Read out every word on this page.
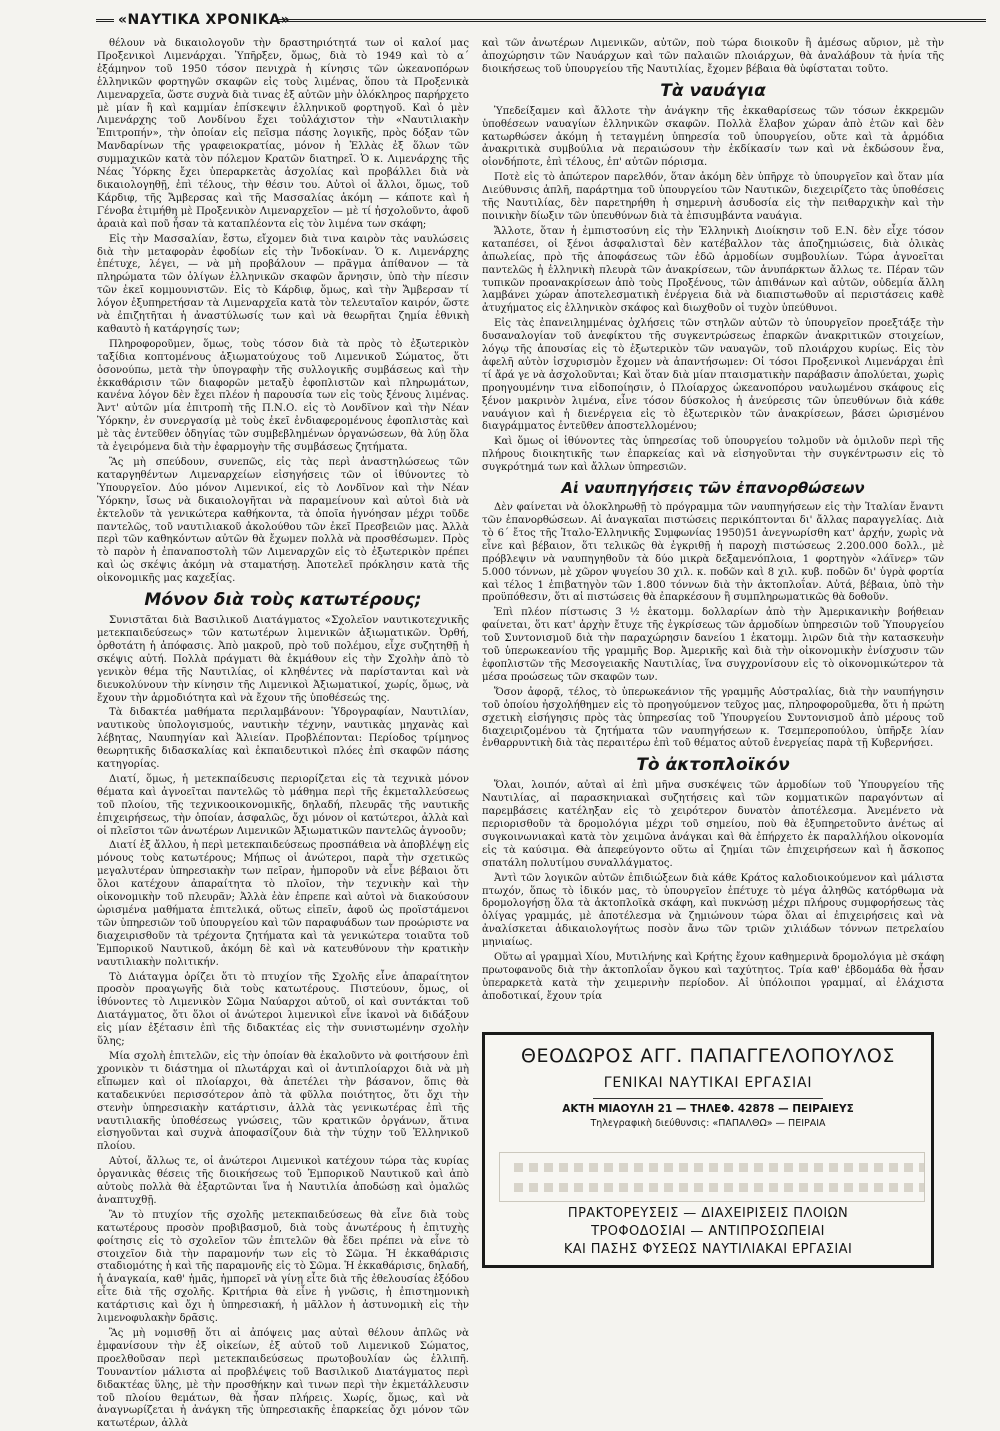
«ΝΑΥΤΙΚΑ ΧΡΟΝΙΚΑ»

θέλουν νὰ δικαιολογοῦν τὴν δραστηριότητά των οἱ καλοί μας Προξενικοὶ Λιμενάρχαι. Ὑπῆρξεν, ὅμως, διὰ τὸ 1949 καὶ τὸ α΄ ἑξάμηνον τοῦ 1950 τόσον πενιχρὰ ἡ κίνησις τῶν ὠκεανοπόρων ἑλληνικῶν φορτηγῶν σκαφῶν εἰς τοὺς λιμένας, ὅπου τὰ Προξενικὰ Λιμεναρχεῖα, ὥστε συχνὰ διὰ τινας ἐξ αὐτῶν μὴν ὁλόκληρος παρήρχετο μὲ μίαν ἢ καὶ καμμίαν ἐπίσκεψιν ἑλληνικοῦ φορτηγοῦ. Καὶ ὁ μὲν Λιμενάρχης τοῦ Λονδίνου ἔχει τοὐλάχιστον τὴν «Ναυτιλιακὴν Ἐπιτροπήν», τὴν ὁποίαν εἰς πεῖσμα πάσης λογικῆς, πρὸς δόξαν τῶν Μανδαρίνων τῆς γραφειοκρατίας, μόνον ἡ Ἑλλὰς ἐξ ὅλων τῶν συμμαχικῶν κατὰ τὸν πόλεμον Κρατῶν διατηρεῖ. Ὁ κ. Λιμενάρχης τῆς Νέας Ὑόρκης ἔχει ὑπεραρκετὰς ἀσχολίας καὶ προβάλλει διὰ νὰ δικαιολογηθῇ, ἐπὶ τέλους, τὴν θέσιν του. Αὐτοὶ οἱ ἄλλοι, ὅμως, τοῦ Κάρδιφ, τῆς Ἄμβερσας καὶ τῆς Μασσαλίας ἀκόμη — κάποτε καὶ ἡ Γένοβα ἐτιμήθη μὲ Προξενικὸν Λιμεναρχεῖον — μὲ τί ἠσχολοῦντο, ἀφοῦ ἀραιὰ καὶ ποῦ ἦσαν τὰ καταπλέοντα εἰς τὸν λιμένα των σκάφη;

Εἰς τὴν Μασσαλίαν, ἔστω, εἴχομεν διὰ τινα καιρὸν τὰς ναυλώσεις διὰ τὴν μεταφορὰν ἐφοδίων εἰς τὴν Ἰνδοκίναν. Ὁ κ. Λιμενάρχης ἐπέτυχε, λέγει, — νὰ μὴ προβάλουν — πρᾶγμα ἀπίθανον — τὰ πληρώματα τῶν ὀλίγων ἑλληνικῶν σκαφῶν ἄρνησιν, ὑπὸ τὴν πίεσιν τῶν ἐκεῖ κομμουνιστῶν. Εἰς τὸ Κάρδιφ, ὅμως, καὶ τὴν Ἄμβερσαν τί λόγον ἐξυπηρετήσαν τὰ Λιμεναρχεῖα κατὰ τὸν τελευταῖον καιρόν, ὥστε νὰ ἐπιζητῆται ἡ ἀναστύλωσίς των καὶ νὰ θεωρῆται ζημία ἐθνικὴ καθαυτὸ ἡ κατάργησίς των;

Πληροφοροῦμεν, ὅμως, τοὺς τόσον διὰ τὰ πρὸς τὸ ἐξωτερικὸν ταξίδια κοπτομένους ἀξιωματούχους τοῦ Λιμενικοῦ Σώματος, ὅτι ὁσονούπω, μετὰ τὴν ὑπογραφὴν τῆς συλλογικῆς συμβάσεως καὶ τὴν ἐκκαθάρισιν τῶν διαφορῶν μεταξὺ ἐφοπλιστῶν καὶ πληρωμάτων, κανένα λόγον δὲν ἔχει πλέον ἡ παρουσία των εἰς τοὺς ξένους λιμένας. Ἀντ' αὐτῶν μία ἐπιτροπὴ τῆς Π.Ν.Ο. εἰς τὸ Λονδῖνον καὶ τὴν Νέαν Ὑόρκην, ἐν συνεργασίᾳ μὲ τοὺς ἐκεῖ ἐνδιαφερομένους ἐφοπλιστὰς καὶ μὲ τὰς ἐντεῦθεν ὁδηγίας τῶν συμβεβλημένων ὀργανώσεων, θὰ λύῃ ὅλα τὰ ἐγειρόμενα διὰ τὴν ἐφαρμογὴν τῆς συμβάσεως ζητήματα.

Ἂς μὴ σπεύδουν, συνεπῶς, εἰς τὰς περὶ ἀναστηλώσεως τῶν καταργηθέντων Λιμεναρχείων εἰσηγήσεις τῶν οἱ ἰθύνοντες τὸ Ὑπουργεῖον. Δύο μόνον Λιμενικοί, εἰς τὸ Λονδῖνον καὶ τὴν Νέαν Ὑόρκην, ἴσως νὰ δικαιολογῆται νὰ παραμείνουν καὶ αὐτοὶ διὰ νὰ ἐκτελοῦν τὰ γενικώτερα καθήκοντα, τὰ ὁποῖα ἠγνόησαν μέχρι τοῦδε παντελῶς, τοῦ ναυτιλιακοῦ ἀκολούθου τῶν ἐκεῖ Πρεσβειῶν μας. Ἀλλὰ περὶ τῶν καθηκόντων αὐτῶν θὰ ἔχωμεν πολλὰ νὰ προσθέσωμεν. Πρὸς τὸ παρὸν ἡ ἐπαναποστολὴ τῶν Λιμεναρχῶν εἰς τὸ ἐξωτερικὸν πρέπει καὶ ὡς σκέψις ἀκόμη νὰ σταματήσῃ. Ἀποτελεῖ πρόκλησιν κατὰ τῆς οἰκονομικῆς μας καχεξίας.

Μόνον διὰ τοὺς κατωτέρους;

Συνιστᾶται διὰ Βασιλικοῦ Διατάγματος «Σχολεῖον ναυτικοτεχνικῆς μετεκπαιδεύσεως» τῶν κατωτέρων λιμενικῶν ἀξιωματικῶν. Ὀρθή, ὀρθοτάτη ἡ ἀπόφασις. Ἀπὸ μακροῦ, πρὸ τοῦ πολέμου, εἶχε συζητηθῇ ἡ σκέψις αὐτή. Πολλὰ πράγματι θὰ ἐκμάθουν εἰς τὴν Σχολὴν ἀπὸ τὸ γενικὸν θέμα τῆς Ναυτιλίας, οἱ κληθέντες νὰ παρίστανται καὶ νὰ διευκολύνουν τὴν κίνησιν τῆς Λιμενικοὶ Ἀξιωματικοί, χωρίς, ὅμως, νὰ ἔχουν τὴν ἁρμοδιότητα καὶ νὰ ἔχουν τῆς ὑποθέσεώς της.

Τὰ διδακτέα μαθήματα περιλαμβάνουν: Ὑδρογραφίαν, Ναυτιλίαν, ναυτικοὺς ὑπολογισμούς, ναυτικὴν τέχνην, ναυτικὰς μηχανὰς καὶ λέβητας, Ναυπηγίαν καὶ Ἁλιείαν. Προβλέπονται: Περίοδος τρίμηνος θεωρητικῆς διδασκαλίας καὶ ἐκπαιδευτικοὶ πλόες ἐπὶ σκαφῶν πάσης κατηγορίας.

Διατί, ὅμως, ἡ μετεκπαίδευσις περιορίζεται εἰς τὰ τεχνικὰ μόνον θέματα καὶ ἀγνοεῖται παντελῶς τὸ μάθημα περὶ τῆς ἐκμεταλλεύσεως τοῦ πλοίου, τῆς τεχνικοοικονομικῆς, δηλαδή, πλευρᾶς τῆς ναυτικῆς ἐπιχειρήσεως, τὴν ὁποίαν, ἀσφαλῶς, ὄχι μόνον οἱ κατώτεροι, ἀλλὰ καὶ οἱ πλεῖστοι τῶν ἀνωτέρων Λιμενικῶν Ἀξιωματικῶν παντελῶς ἀγνοοῦν;

Διατί ἐξ ἄλλου, ἡ περὶ μετεκπαιδεύσεως προσπάθεια νὰ ἀποβλέψῃ εἰς μόνους τοὺς κατωτέρους; Μήπως οἱ ἀνώτεροι, παρὰ τὴν σχετικῶς μεγαλυτέραν ὑπηρεσιακὴν των πεῖραν, ἠμποροῦν νὰ εἶνε βέβαιοι ὅτι ὅλοι κατέχουν ἀπαραίτητα τὸ πλοῖον, τὴν τεχνικὴν καὶ τὴν οἰκονομικὴν τοῦ πλευρᾶν; Ἀλλὰ ἐὰν ἐπρεπε καὶ αὐτοὶ νὰ διακούσουν ὡρισμένα μαθήματα ἐπιτελικά, οὕτως εἰπεῖν, ἀφοῦ ὡς προϊστάμενοι τῶν ὑπηρεσιῶν τοῦ ὑπουργείου καὶ τῶν παραφυάδων των προώριστε να διαχειρισθοῦν τὰ τρέχοντα ζητήματα καὶ τὰ γενικώτερα τοιαῦτα τοῦ Ἐμπορικοῦ Ναυτικοῦ, ἀκόμη δὲ καὶ νὰ κατευθύνουν τὴν κρατικὴν ναυτιλιακὴν πολιτικήν.

Τὸ Διάταγμα ὁρίζει ὅτι τὸ πτυχίον τῆς Σχολῆς εἶνε ἀπαραίτητον προσὸν προαγωγῆς διὰ τοὺς κατωτέρους. Πιστεύουν, ὅμως, οἱ ἰθύνοντες τὸ Λιμενικὸν Σῶμα Ναύαρχοι αὐτοῦ, οἱ καὶ συντάκται τοῦ Διατάγματος, ὅτι ὅλοι οἱ ἀνώτεροι λιμενικοὶ εἶνε ἱκανοὶ νὰ διδάξουν εἰς μίαν ἐξέτασιν ἐπὶ τῆς διδακτέας εἰς τὴν συνιστωμένην σχολὴν ὕλης;

Μία σχολὴ ἐπιτελῶν, εἰς τὴν ὁποίαν θὰ ἐκαλοῦντο νὰ φοιτήσουν ἐπὶ χρονικὸν τι διάστημα οἱ πλωτάρχαι καὶ οἱ ἀντιπλοίαρχοι διὰ νὰ μὴ εἴπωμεν καὶ οἱ πλοίαρχοι, θὰ ἀπετέλει τὴν βάσανον, ὅπις θὰ καταδεικνύει περισσότερον ἀπὸ τὰ φῦλλα ποιότητος, ὅτι ὄχι τὴν στενὴν ὑπηρεσιακὴν κατάρτισιν, ἀλλὰ τὰς γενικωτέρας ἐπὶ τῆς ναυτιλιακῆς ὑποθέσεως γνώσεις, τῶν κρατικῶν ὀργάνων, ἅτινα εἰσηγοῦνται καὶ συχνὰ ἀποφασίζουν διὰ τὴν τύχην τοῦ Ἑλληνικοῦ πλοίου.

Αὐτοί, ἄλλως τε, οἱ ἀνώτεροι Λιμενικοὶ κατέχουν τώρα τὰς κυρίας ὀργανικὰς θέσεις τῆς διοικήσεως τοῦ Ἐμπορικοῦ Ναυτικοῦ καὶ ἀπὸ αὐτοὺς πολλὰ θὰ ἐξαρτῶνται ἵνα ἡ Ναυτιλία ἀποδώσῃ καὶ ὁμαλῶς ἀναπτυχθῇ.

Ἂν τὸ πτυχίον τῆς σχολῆς μετεκπαιδεύσεως θὰ εἶνε διὰ τοὺς κατωτέρους προσὸν προβιβασμοῦ, διὰ τοὺς ἀνωτέρους ἡ ἐπιτυχὴς φοίτησις εἰς τὸ σχολεῖον τῶν ἐπιτελῶν θὰ ἔδει πρέπει νὰ εἶνε τὸ στοιχεῖον διὰ τὴν παραμονήν των εἰς τὸ Σῶμα. Ἡ ἐκκαθάρισις σταδιομότης ἡ καὶ τῆς παραμονῆς εἰς τὸ Σῶμα. Ἡ ἐκκαθάρισις, δηλαδή, ἡ ἀναγκαία, καθ' ἡμᾶς, ἠμπορεῖ νὰ γίνῃ εἶτε διὰ τῆς ἐθελουσίας ἐξόδου εἶτε διὰ τῆς σχολῆς. Κριτήρια θὰ εἶνε ἡ γνῶσις, ἡ ἐπιστημονικὴ κατάρτισις καὶ ὄχι ἡ ὑπηρεσιακή, ἡ μᾶλλον ἡ ἀστυνομικὴ εἰς τὴν λιμενοφυλακὴν δρᾶσις.

Ἂς μὴ νομισθῇ ὅτι αἱ ἀπόψεις μας αὐταὶ θέλουν ἁπλῶς νὰ ἐμφανίσουν τὴν ἐξ οἰκείων, ἐξ αὐτοῦ τοῦ Λιμενικοῦ Σώματος, προελθοῦσαν περὶ μετεκπαιδεύσεως πρωτοβουλίαν ὡς ἐλλιπῆ. Τουναντίον μάλιστα αἱ προβλέψεις τοῦ Βασιλικοῦ Διατάγματος περὶ διδακτέας ὕλης, μὲ τὴν προσθήκην καὶ τινων περὶ τὴν ἐκμετάλλευσιν τοῦ πλοίου θεμάτων, θὰ ἦσαν πλήρεις. Χωρίς, ὅμως, καὶ νὰ ἀναγνωρίζεται ἡ ἀνάγκη τῆς ὑπηρεσιακῆς ἐπαρκείας ὄχι μόνον τῶν κατωτέρων, ἀλλὰ

καὶ τῶν ἀνωτέρων Λιμενικῶν, αὐτῶν, ποὺ τώρα διοικοῦν ἢ ἀμέσως αὔριον, μὲ τὴν ἀποχώρησιν τῶν Ναυάρχων καὶ τῶν παλαιῶν πλοιάρχων, θὰ ἀναλάβουν τὰ ἡνία τῆς διοικήσεως τοῦ ὑπουργείου τῆς Ναυτιλίας, ἔχομεν βέβαια θὰ ὑφίσταται τοῦτο.

Τὰ ναυάγια

Ὑπεδείξαμεν καὶ ἄλλοτε τὴν ἀνάγκην τῆς ἐκκαθαρίσεως τῶν τόσων ἐκκρεμῶν ὑποθέσεων ναυαγίων ἑλληνικῶν σκαφῶν. Πολλὰ ἔλαβον χώραν ἀπὸ ἐτῶν καὶ δὲν κατωρθώσεν ἀκόμη ἡ τεταγμένη ὑπηρεσία τοῦ ὑπουργείου, οὔτε καὶ τὰ ἁρμόδια ἀνακριτικὰ συμβούλια νὰ περαιώσουν τὴν ἐκδίκασίν των καὶ νὰ ἐκδώσουν ἕνα, οἱονδήποτε, ἐπὶ τέλους, ἐπ' αὐτῶν πόρισμα.

Ποτὲ εἰς τὸ ἀπώτερον παρελθόν, ὅταν ἀκόμη δὲν ὑπῆρχε τὸ ὑπουργεῖον καὶ ὅταν μία Διεύθυνσις ἁπλῆ, παράρτημα τοῦ ὑπουργείου τῶν Ναυτικῶν, διεχειρίζετο τὰς ὑποθέσεις τῆς Ναυτιλίας, δὲν παρετηρήθη ἡ σημερινὴ ἀσυδοσία εἰς τὴν πειθαρχικὴν καὶ τὴν ποινικὴν δίωξιν τῶν ὑπευθύνων διὰ τὰ ἐπισυμβάντα ναυάγια.

Ἄλλοτε, ὅταν ἡ ἐμπιστοσύνη εἰς τὴν Ἑλληνικὴ Διοίκησιν τοῦ Ε.Ν. δὲν εἶχε τόσον καταπέσει, οἱ ξένοι ἀσφαλισταὶ δὲν κατέβαλλον τὰς ἀποζημιώσεις, διὰ ὁλικὰς ἀπωλείας, πρὸ τῆς ἀποφάσεως τῶν ἐδῶ ἁρμοδίων συμβουλίων. Τώρα ἀγνοεῖται παντελῶς ἡ ἑλληνικὴ πλευρὰ τῶν ἀνακρίσεων, τῶν ἀνυπάρκτων ἄλλως τε. Πέραν τῶν τυπικῶν προανακρίσεων ἀπὸ τοὺς Προξένους, τῶν ἀπιθάνων καὶ αὐτῶν, οὐδεμία ἄλλη λαμβάνει χώραν ἀποτελεσματικὴ ἐνέργεια διὰ νὰ διαπιστωθοῦν αἱ περιστάσεις καθὲ ἀτυχήματος εἰς ἑλληνικὸν σκάφος καὶ διωχθοῦν οἱ τυχὸν ὑπεύθυνοι.

Εἰς τὰς ἐπανειλημμένας ὀχλήσεις τῶν στηλῶν αὐτῶν τὸ ὑπουργεῖον προεξτάξε τὴν δυσαναλογίαν τοῦ ἀνεφίκτου τῆς συγκεντρώσεως ἐπαρκῶν ἀνακριτικῶν στοιχείων, λόγῳ τῆς ἀπουσίας εἰς τὸ ἐξωτερικὸν τῶν ναυαγῶν, τοῦ πλοιάρχου κυρίως. Εἰς τὸν ἀφελῆ αὐτὸν ἰσχυρισμὸν ἔχομεν νὰ ἀπαντήσωμεν: Οἱ τόσοι Προξενικοὶ Λιμενάρχαι ἐπὶ τί ἄρά γε νὰ ἀσχολοῦνται; Καὶ ὅταν διὰ μίαν πταισματικὴν παράβασιν ἀπολύεται, χωρὶς προηγουμένην τινα εἰδοποίησιν, ὁ Πλοίαρχος ὠκεανοπόρου ναυλωμένου σκάφους εἰς ξένον μακρινὸν λιμένα, εἶνε τόσον δύσκολος ἡ ἀνεύρεσις τῶν ὑπευθύνων διὰ κάθε ναυάγιον καὶ ἡ διενέργεια εἰς τὸ ἐξωτερικὸν τῶν ἀνακρίσεων, βάσει ὡρισμένου διαγράμματος ἐντεῦθεν ἀποστελλομένου;

Καὶ ὅμως οἱ ἰθύνοντες τὰς ὑπηρεσίας τοῦ ὑπουργείου τολμοῦν νὰ ὁμιλοῦν περὶ τῆς πλήρους διοικητικῆς των ἐπαρκείας καὶ νὰ εἰσηγοῦνται τὴν συγκέντρωσιν εἰς τὸ συγκρότημά των καὶ ἄλλων ὑπηρεσιῶν.

Αἱ ναυπηγήσεις τῶν ἐπανορθώσεων

Δὲν φαίνεται νὰ ὁλοκληρωθῇ τὸ πρόγραμμα τῶν ναυπηγήσεων εἰς τὴν Ἰταλίαν ἔναντι τῶν ἐπανορθώσεων. Αἱ ἀναγκαῖαι πιστώσεις περικόπτονται δι' ἄλλας παραγγελίας. Διὰ τὸ 6΄ ἔτος τῆς Ἰταλο-Ἑλληνικῆς Συμφωνίας 1950)51 ἀνεγνωρίσθη κατ' ἀρχήν, χωρὶς νὰ εἶνε καὶ βέβαιον, ὅτι τελικῶς θὰ ἐγκριθῇ ἡ παροχὴ πιστώσεως 2.200.000 δολλ., μὲ πρόβλεψιν νὰ ναυπηγηθοῦν τὰ δύο μικρὰ δεξαμενόπλοια, 1 φορτηγὸν «λάϊνερ» τῶν 5.000 τόννων, μὲ χῶρον ψυγείου 30 χιλ. κ. ποδῶν καὶ 8 χιλ. κυβ. ποδῶν δι' ὑγρὰ φορτία καὶ τέλος 1 ἐπιβατηγὸν τῶν 1.800 τόννων διὰ τὴν ἀκτοπλοΐαν. Αὐτά, βέβαια, ὑπὸ τὴν προϋπόθεσιν, ὅτι αἱ πιστώσεις θὰ ἐπαρκέσουν ἢ συμπληρωματικῶς θὰ δοθοῦν.

Ἐπὶ πλέον πίστωσις 3 ½ ἑκατομμ. δολλαρίων ἀπὸ τὴν Ἀμερικανικὴν βοήθειαν φαίνεται, ὅτι κατ' ἀρχὴν ἔτυχε τῆς ἐγκρίσεως τῶν ἁρμοδίων ὑπηρεσιῶν τοῦ Ὑπουργείου τοῦ Συντονισμοῦ διὰ τὴν παραχώρησιν δανείου 1 ἑκατομμ. λιρῶν διὰ τὴν κατασκευὴν τοῦ ὑπερωκεανίου τῆς γραμμῆς Βορ. Ἀμερικῆς καὶ διὰ τὴν οἰκονομικὴν ἐνίσχυσιν τῶν ἐφοπλιστῶν τῆς Μεσογειακῆς Ναυτιλίας, ἵνα συγχρονίσουν εἰς τὸ οἰκονομικώτερον τὰ μέσα προώσεως τῶν σκαφῶν των.

Ὅσον ἀφορᾷ, τέλος, τὸ ὑπερωκεάνιον τῆς γραμμῆς Αὐστραλίας, διὰ τὴν ναυπήγησιν τοῦ ὁποίου ἠσχολήθημεν εἰς τὸ προηγούμενον τεῦχος μας, πληροφοροῦμεθα, ὅτι ἡ πρώτη σχετικὴ εἰσήγησις πρὸς τὰς ὑπηρεσίας τοῦ Ὑπουργείου Συντονισμοῦ ἀπὸ μέρους τοῦ διαχειριζομένου τὰ ζητήματα τῶν ναυπηγήσεων κ. Τσεμπεροπούλου, ὑπῆρξε λίαν ἐνθαρρυντικὴ διὰ τὰς περαιτέρω ἐπὶ τοῦ θέματος αὐτοῦ ἐνεργείας παρὰ τῇ Κυβερνήσει.

Τὸ ἀκτοπλοϊκόν

Ὅλαι, λοιπόν, αὐταὶ αἱ ἐπὶ μῆνα συσκέψεις τῶν ἁρμοδίων τοῦ Ὑπουργείου τῆς Ναυτιλίας, αἱ παρασκηνιακαὶ συζητήσεις καὶ τῶν κομματικῶν παραγόντων αἱ παρεμβάσεις κατέληξαν εἰς τὸ χειρότερον δυνατὸν ἀποτέλεσμα. Ἀνεμένετο νὰ περιορισθοῦν τὰ δρομολόγια μέχρι τοῦ σημείου, ποὺ θὰ ἐξυπηρετοῦντο ἀνέτως αἱ συγκοινωνιακαὶ κατὰ τὸν χειμῶνα ἀνάγκαι καὶ θὰ ἐπήρχετο ἐκ παραλλήλου οἰκονομία εἰς τὰ καύσιμα. Θὰ ἀπεφεύγοντο οὕτω αἱ ζημίαι τῶν ἐπιχειρήσεων καὶ ἡ ἄσκοπος σπατάλη πολυτίμου συναλλάγματος.

Ἀντὶ τῶν λογικῶν αὐτῶν ἐπιδιώξεων διὰ κάθε Κράτος καλοδιοικούμενον καὶ μάλιστα πτωχόν, ὅπως τὸ ἰδικόν μας, τὸ ὑπουργεῖον ἐπέτυχε τὸ μέγα ἀληθῶς κατόρθωμα νὰ δρομολογήσῃ ὅλα τὰ ἀκτοπλοϊκὰ σκάφη, καὶ πυκνώσῃ μέχρι πλήρους συμφορήσεως τὰς ὀλίγας γραμμάς, μὲ ἀποτέλεσμα νὰ ζημιώνουν τώρα ὅλαι αἱ ἐπιχειρήσεις καὶ νὰ ἀναλίσκεται ἀδικαιολογήτως ποσὸν ἄνω τῶν τριῶν χιλιάδων τόννων πετρελαίου μηνιαίως.

Οὕτω αἱ γραμμαὶ Χίου, Μυτιλήνης καὶ Κρήτης ἔχουν καθημερινὰ δρομολόγια μὲ σκάφη πρωτοφανοῦς διὰ τὴν ἀκτοπλοΐαν ὄγκου καὶ ταχύτητος. Τρία καθ' ἑβδομάδα θὰ ἦσαν ὑπεραρκετὰ κατὰ τὴν χειμερινὴν περίοδον. Αἱ ὑπόλοιποι γραμμαί, αἱ ἐλάχιστα ἀποδοτικαί, ἔχουν τρία

ΘΕΟΔΩΡΟΣ ΑΓΓ. ΠΑΠΑΓΓΕΛΟΠΟΥΛΟΣ
ΓΕΝΙΚΑΙ ΝΑΥΤΙΚΑΙ ΕΡΓΑΣΙΑΙ
ΑΚΤΗ ΜΙΑΟΥΛΗ 21 — ΤΗΛΕΦ. 42878 — ΠΕΙΡΑΙΕΥΣ
Τηλεγραφικὴ διεύθυνσις: «ΠΑΠΑΛΘΩ» — ΠΕΙΡΑΙΑ
ΠΡΑΚΤΟΡΕΥΣΕΙΣ — ΔΙΑΧΕΙΡΙΣΕΙΣ ΠΛΟΙΩΝ
ΤΡΟΦΟΔΟΣΙΑΙ — ΑΝΤΙΠΡΟΣΩΠΕΙΑΙ
ΚΑΙ ΠΑΣΗΣ ΦΥΣΕΩΣ ΝΑΥΤΙΛΙΑΚΑΙ ΕΡΓΑΣΙΑΙ
